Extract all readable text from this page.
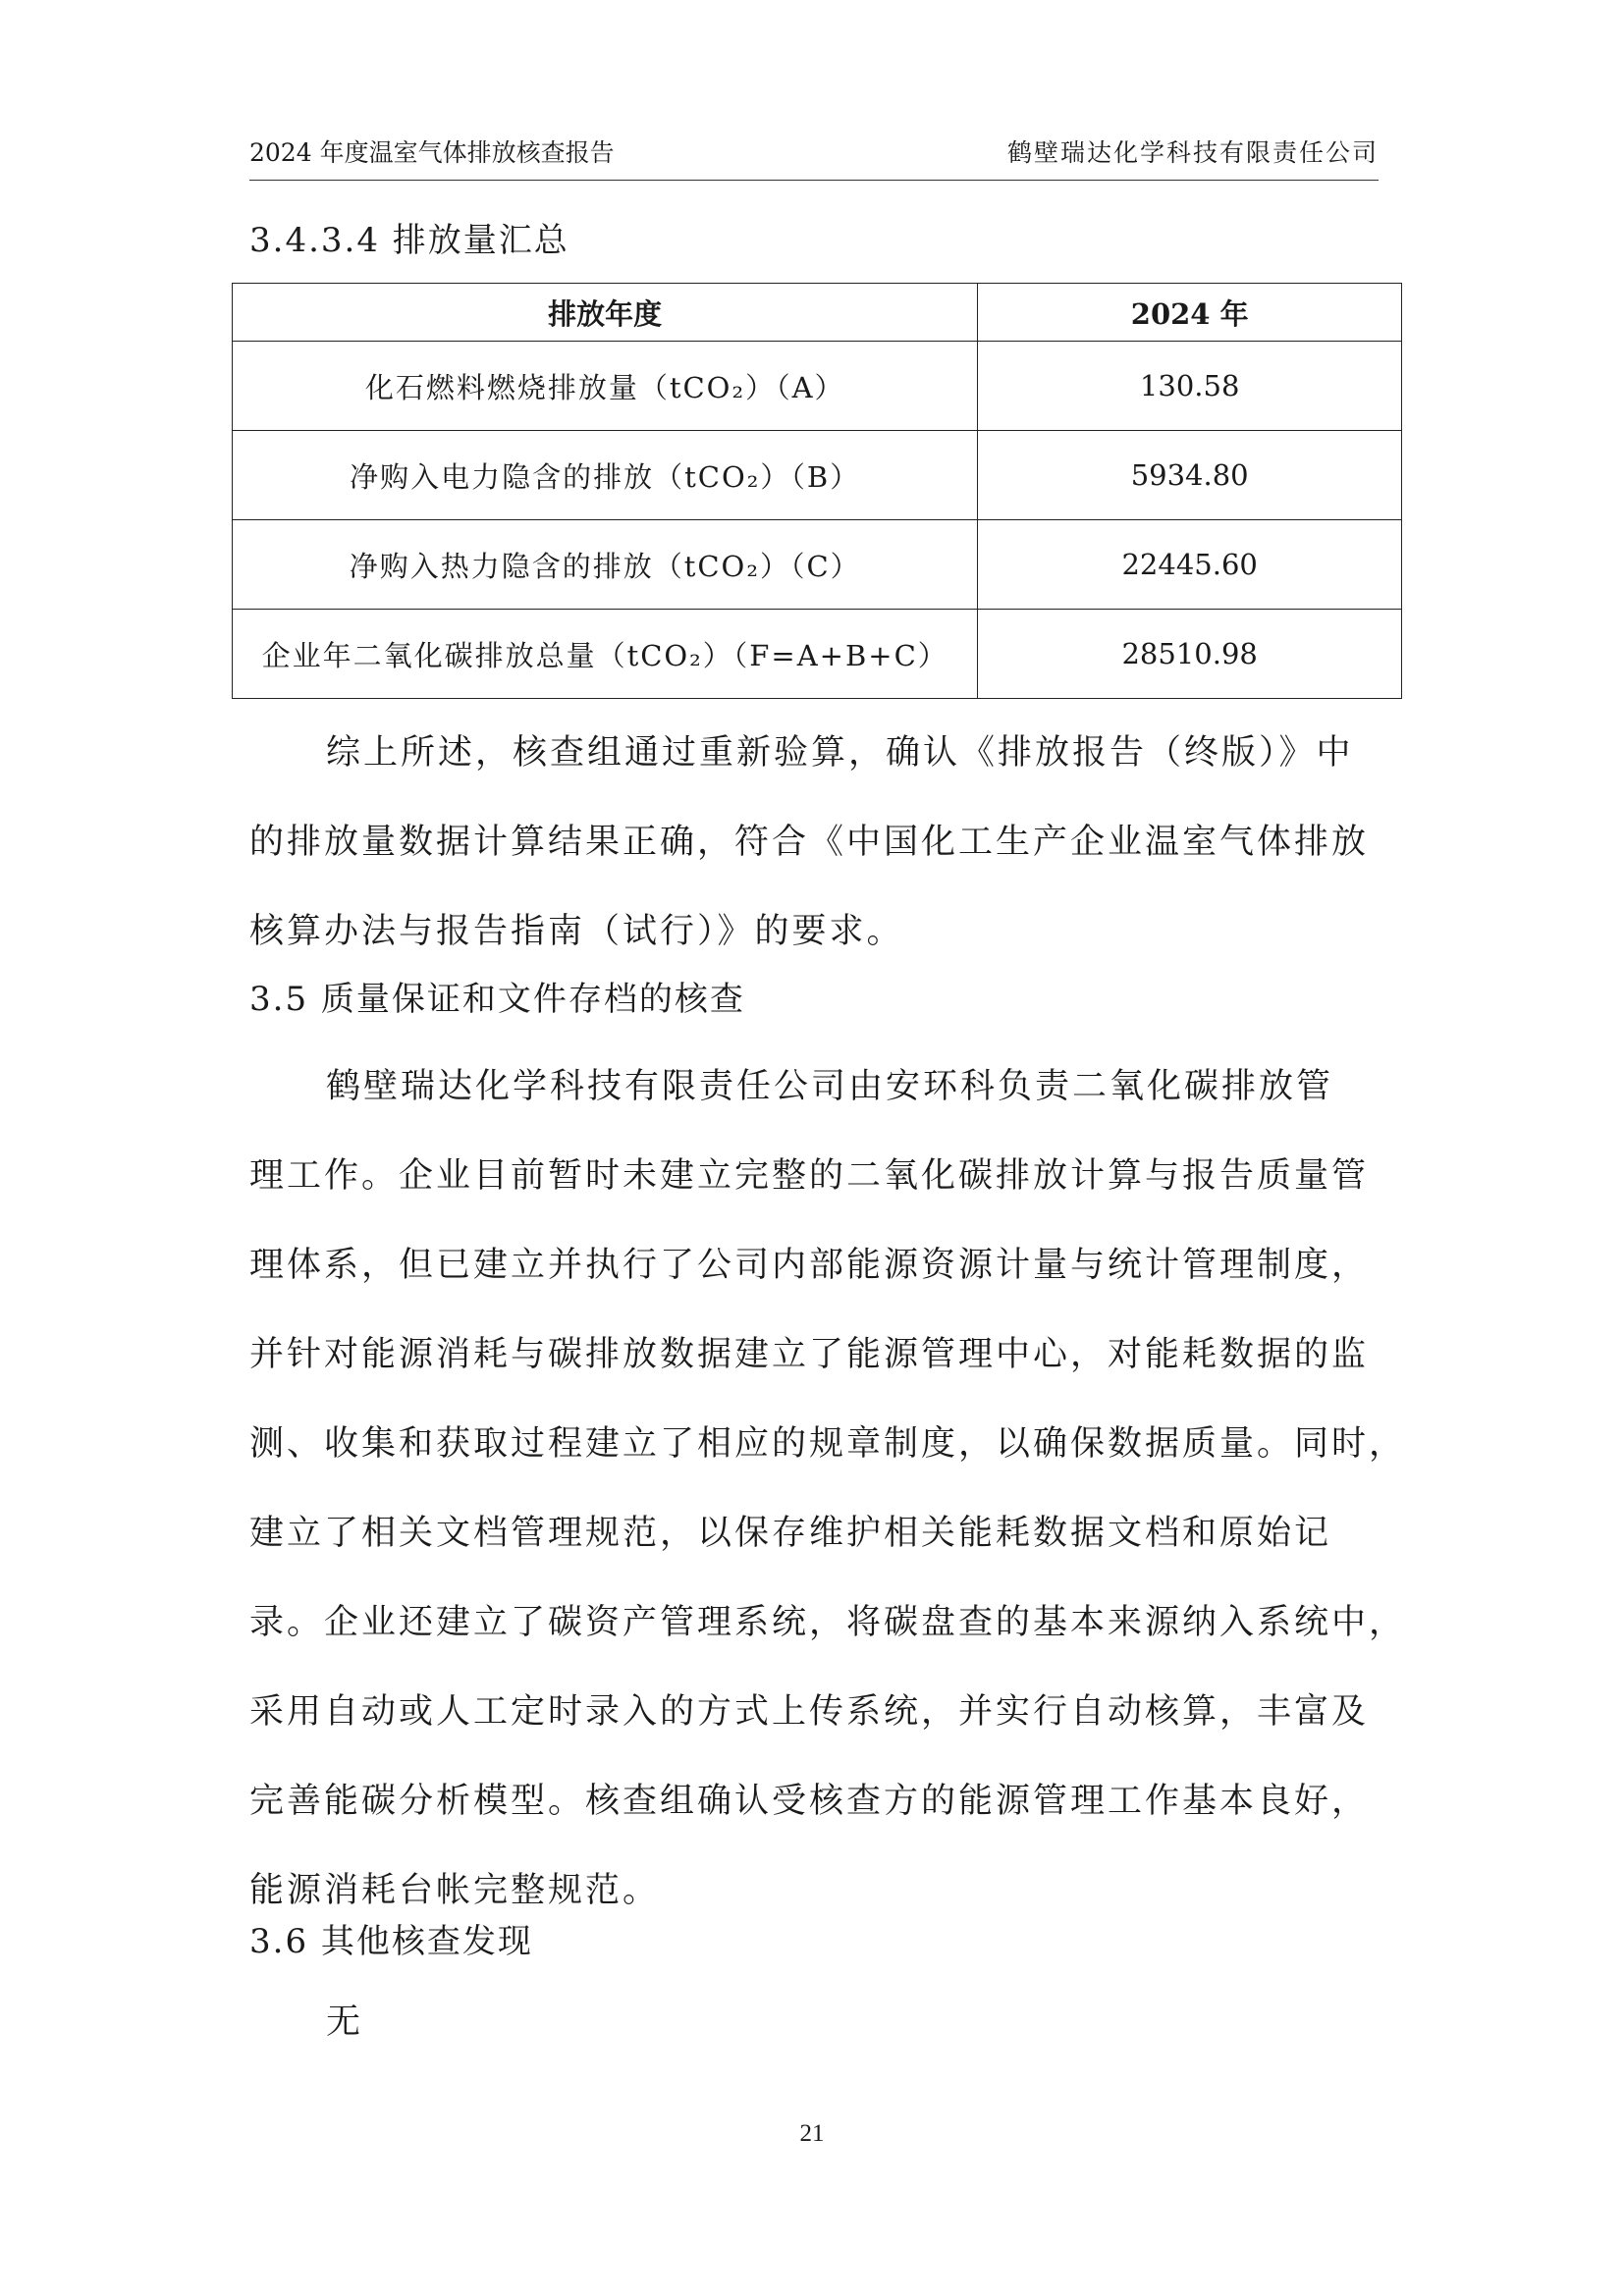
2024 年度温室气体排放核查报告	鹤壁瑞达化学科技有限责任公司
3.4.3.4 排放量汇总
排放年度	2024 年
化石燃料燃烧排放量（tCO₂）（A）	130.58
净购入电力隐含的排放（tCO₂）（B）	5934.80
净购入热力隐含的排放（tCO₂）（C）	22445.60
企业年二氧化碳排放总量（tCO₂）（F=A+B+C）	28510.98
综上所述，核查组通过重新验算，确认《排放报告（终版）》中
的排放量数据计算结果正确，符合《中国化工生产企业温室气体排放
核算办法与报告指南（试行）》的要求。
3.5 质量保证和文件存档的核查
鹤壁瑞达化学科技有限责任公司由安环科负责二氧化碳排放管
理工作。企业目前暂时未建立完整的二氧化碳排放计算与报告质量管
理体系，但已建立并执行了公司内部能源资源计量与统计管理制度，
并针对能源消耗与碳排放数据建立了能源管理中心，对能耗数据的监
测、收集和获取过程建立了相应的规章制度，以确保数据质量。同时，
建立了相关文档管理规范，以保存维护相关能耗数据文档和原始记
录。企业还建立了碳资产管理系统，将碳盘查的基本来源纳入系统中，
采用自动或人工定时录入的方式上传系统，并实行自动核算，丰富及
完善能碳分析模型。核查组确认受核查方的能源管理工作基本良好，
能源消耗台帐完整规范。
3.6 其他核查发现
无
21
